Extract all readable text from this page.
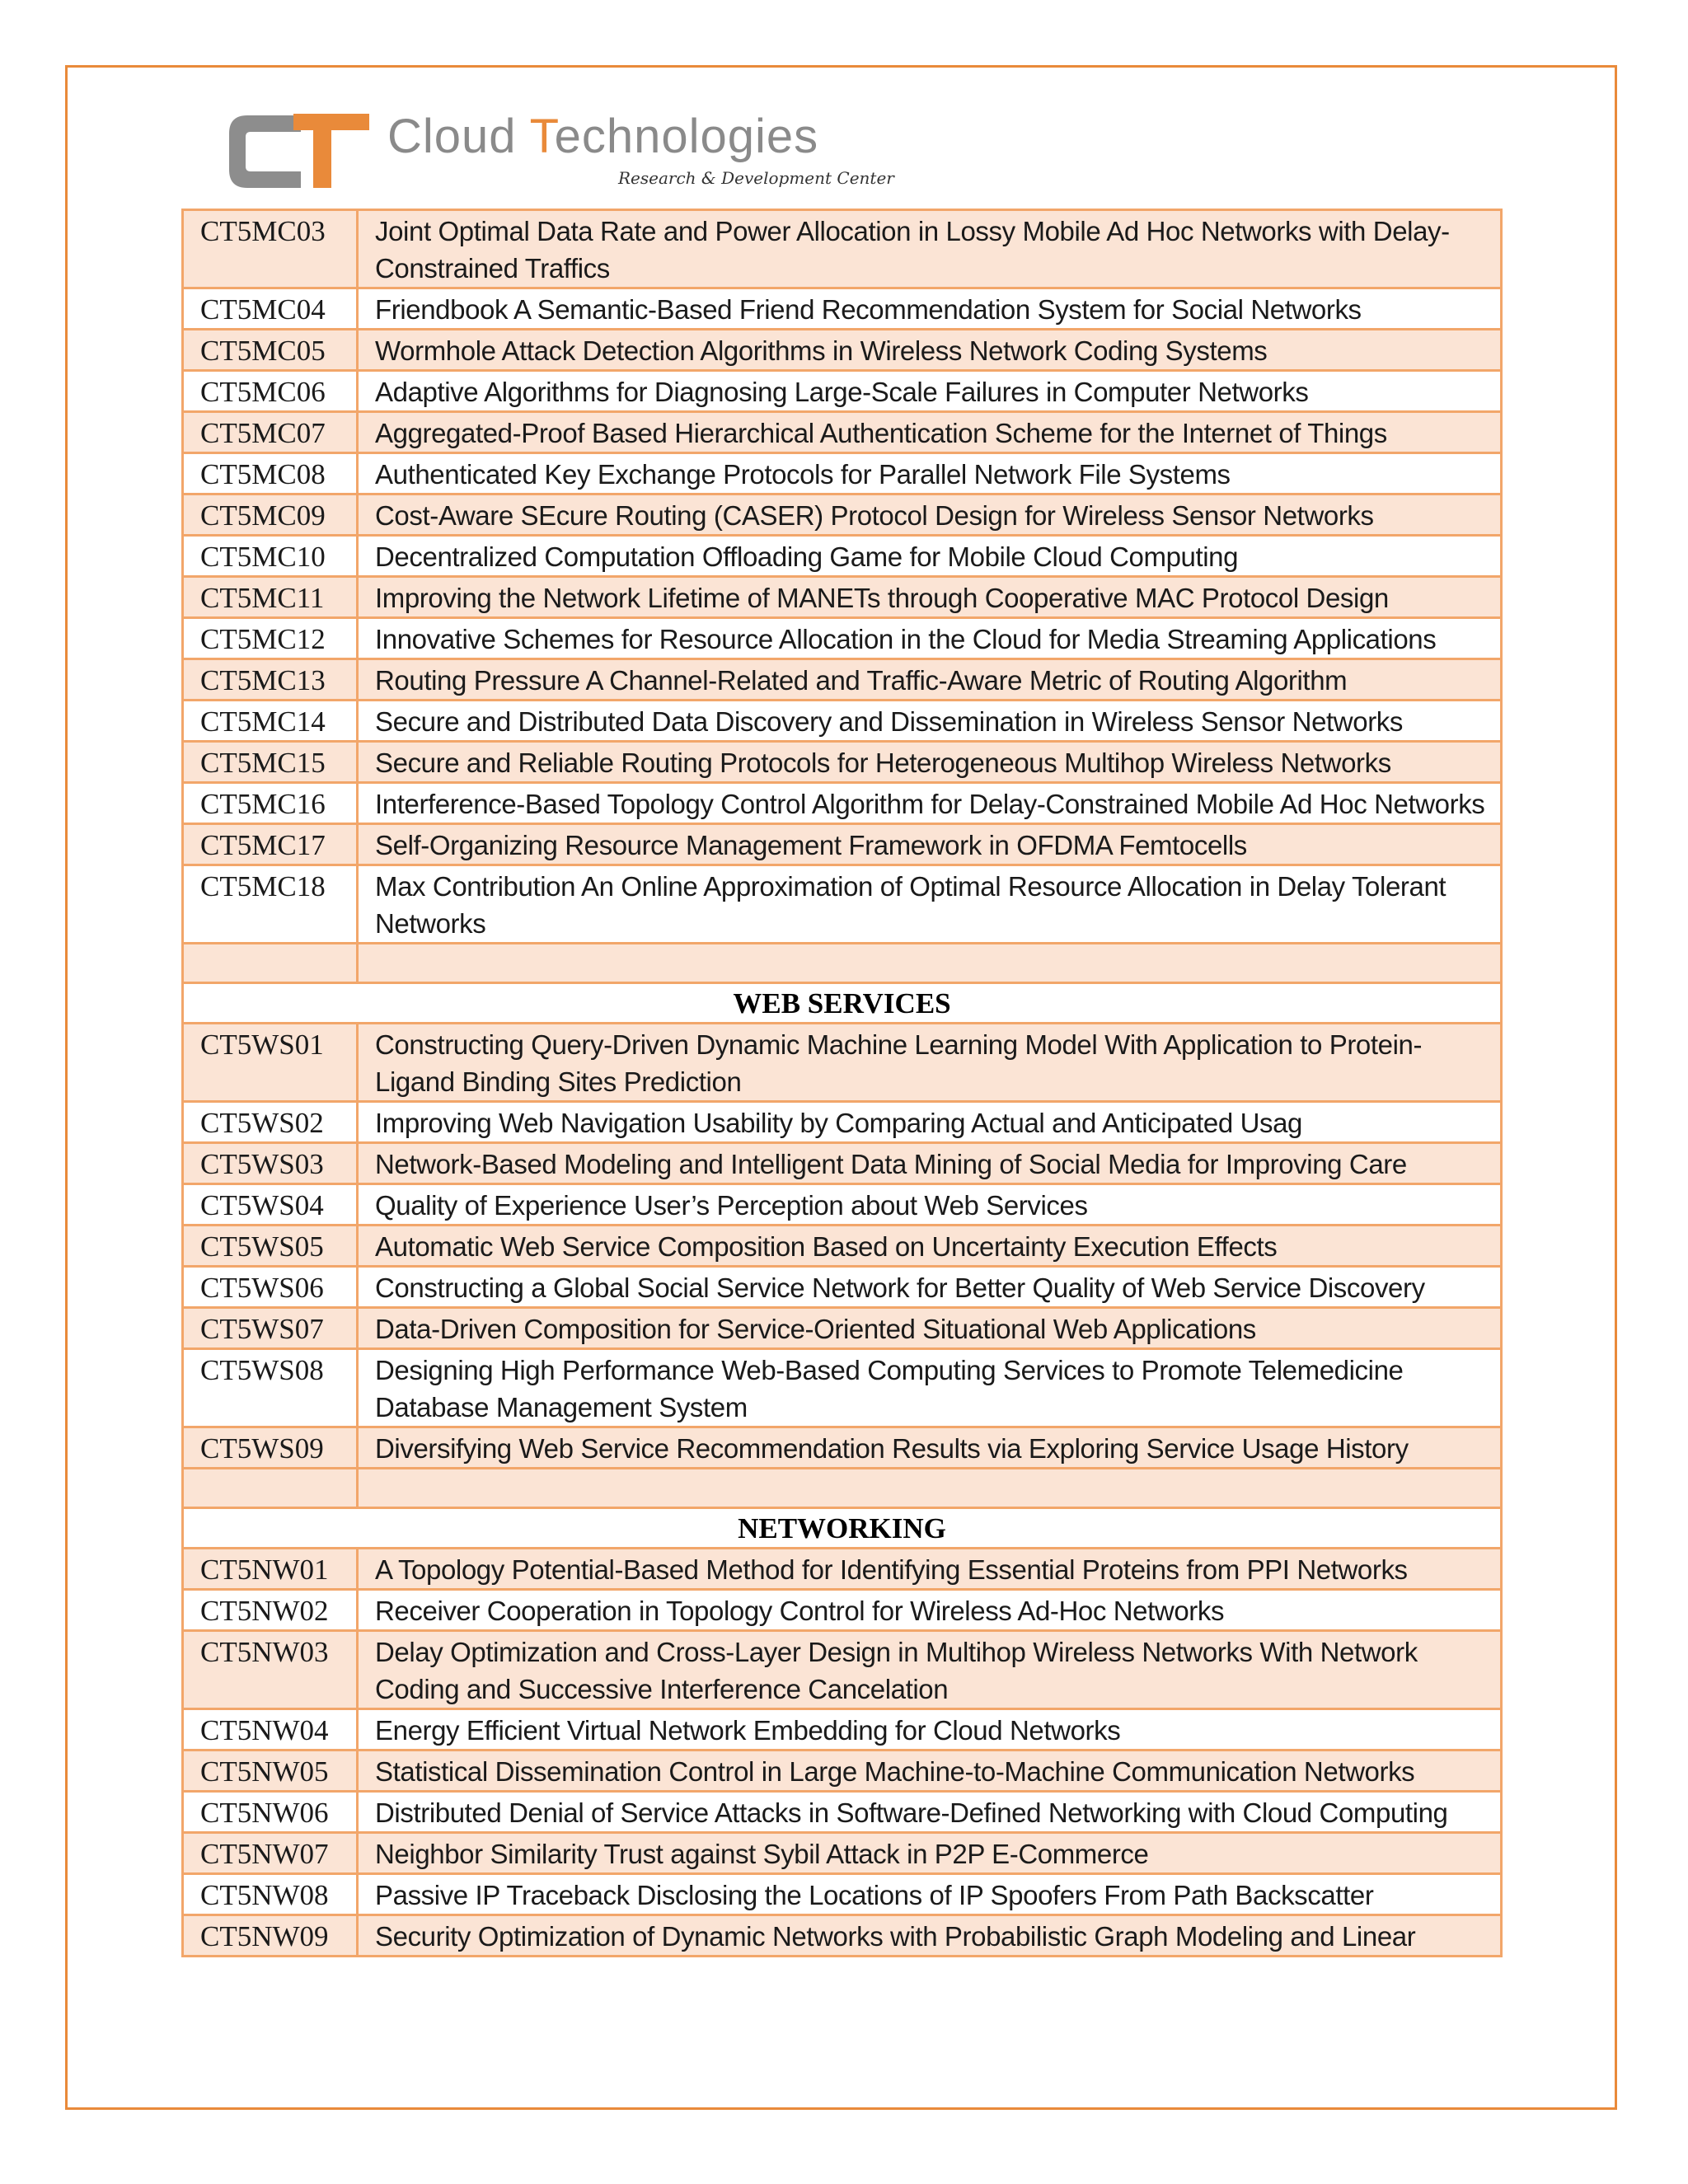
Cloud Technologies
Research & Development Center
CT5MC03	Joint Optimal Data Rate and Power Allocation in Lossy Mobile Ad Hoc Networks with Delay-Constrained Traffics
CT5MC04	Friendbook A Semantic-Based Friend Recommendation System for Social Networks
CT5MC05	Wormhole Attack Detection Algorithms in Wireless Network Coding Systems
CT5MC06	Adaptive Algorithms for Diagnosing Large-Scale Failures in Computer Networks
CT5MC07	Aggregated-Proof Based Hierarchical Authentication Scheme for the Internet of Things
CT5MC08	Authenticated Key Exchange Protocols for Parallel Network File Systems
CT5MC09	Cost-Aware SEcure Routing (CASER) Protocol Design for Wireless Sensor Networks
CT5MC10	Decentralized Computation Offloading Game for Mobile Cloud Computing
CT5MC11	Improving the Network Lifetime of MANETs through Cooperative MAC Protocol Design
CT5MC12	Innovative Schemes for Resource Allocation in the Cloud for Media Streaming Applications
CT5MC13	Routing Pressure A Channel-Related and Traffic-Aware Metric of Routing Algorithm
CT5MC14	Secure and Distributed Data Discovery and Dissemination in Wireless Sensor Networks
CT5MC15	Secure and Reliable Routing Protocols for Heterogeneous Multihop Wireless Networks
CT5MC16	Interference-Based Topology Control Algorithm for Delay-Constrained Mobile Ad Hoc Networks
CT5MC17	Self-Organizing Resource Management Framework in OFDMA Femtocells
CT5MC18	Max Contribution An Online Approximation of Optimal Resource Allocation in Delay Tolerant Networks

WEB SERVICES	
CT5WS01	Constructing Query-Driven Dynamic Machine Learning Model With Application to Protein-Ligand Binding Sites Prediction
CT5WS02	Improving Web Navigation Usability by Comparing Actual and Anticipated Usag
CT5WS03	Network-Based Modeling and Intelligent Data Mining of Social Media for Improving Care
CT5WS04	Quality of Experience User’s Perception about Web Services
CT5WS05	Automatic Web Service Composition Based on Uncertainty Execution Effects
CT5WS06	Constructing a Global Social Service Network for Better Quality of Web Service Discovery
CT5WS07	Data-Driven Composition for Service-Oriented Situational Web Applications
CT5WS08	Designing High Performance Web-Based Computing Services to Promote Telemedicine Database Management System
CT5WS09	Diversifying Web Service Recommendation Results via Exploring Service Usage History

NETWORKING	
CT5NW01	A Topology Potential-Based Method for Identifying Essential Proteins from PPI Networks
CT5NW02	Receiver Cooperation in Topology Control for Wireless Ad-Hoc Networks
CT5NW03	Delay Optimization and Cross-Layer Design in Multihop Wireless Networks With Network Coding and Successive Interference Cancelation
CT5NW04	Energy Efficient Virtual Network Embedding for Cloud Networks
CT5NW05	Statistical Dissemination Control in Large Machine-to-Machine Communication Networks
CT5NW06	Distributed Denial of Service Attacks in Software-Defined Networking with Cloud Computing
CT5NW07	Neighbor Similarity Trust against Sybil Attack in P2P E-Commerce
CT5NW08	Passive IP Traceback Disclosing the Locations of IP Spoofers From Path Backscatter
CT5NW09	Security Optimization of Dynamic Networks with Probabilistic Graph Modeling and Linear
